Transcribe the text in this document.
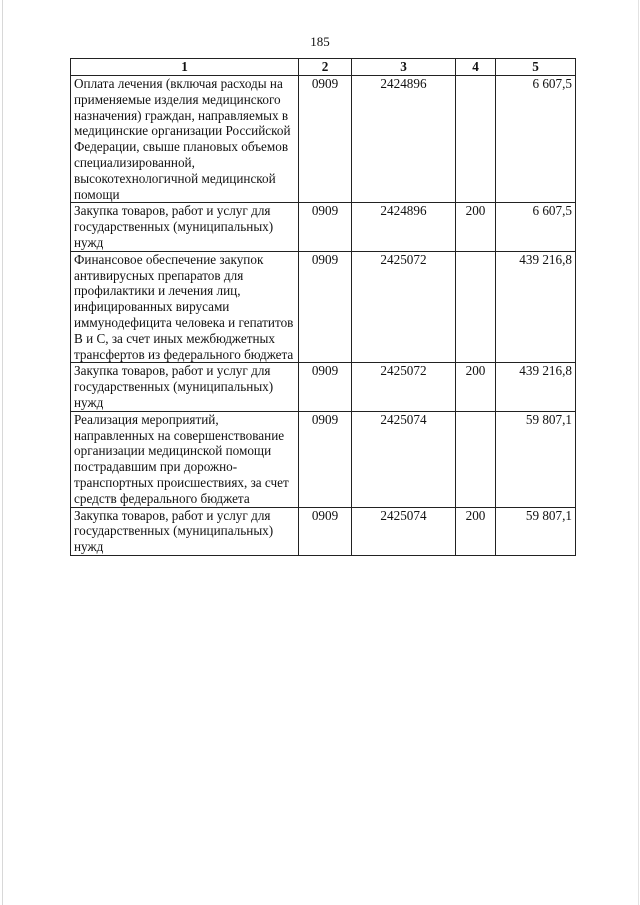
185
1	2	3	4	5
Оплата лечения (включая расходы на применяемые изделия медицинского назначения) граждан, направляемых в медицинские организации Российской Федерации, свыше плановых объемов специализированной, высокотехнологичной медицинской помощи	0909	2424896		6 607,5
Закупка товаров, работ и услуг для государственных (муниципальных) нужд	0909	2424896	200	6 607,5
Финансовое обеспечение закупок антивирусных препаратов для профилактики и лечения лиц, инфицированных вирусами иммунодефицита человека и гепатитов В и С, за счет иных межбюджетных трансфертов из федерального бюджета	0909	2425072		439 216,8
Закупка товаров, работ и услуг для государственных (муниципальных) нужд	0909	2425072	200	439 216,8
Реализация мероприятий, направленных на совершенствование организации медицинской помощи пострадавшим при дорожно-транспортных происшествиях, за счет средств федерального бюджета	0909	2425074		59 807,1
Закупка товаров, работ и услуг для государственных (муниципальных) нужд	0909	2425074	200	59 807,1
